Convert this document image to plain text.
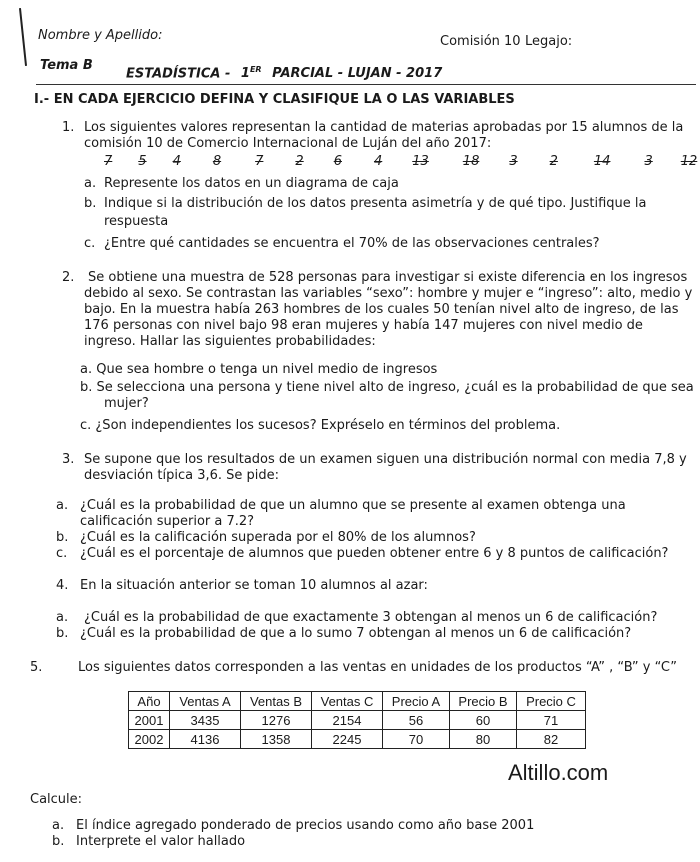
Nombre y Apellido:	Comisión 10 Legajo:
Tema B
ESTADÍSTICA - 1ER PARCIAL - LUJAN - 2017
I.- EN CADA EJERCICIO DEFINA Y CLASIFIQUE LA O LAS VARIABLES
1. Los siguientes valores representan la cantidad de materias aprobadas por 15 alumnos de la
comisión 10 de Comercio Internacional de Luján del año 2017:
7 5 4 8	7 2 6 4 13	18 3 2	14	3 12
a. Represente los datos en un diagrama de caja
b. Indique si la distribución de los datos presenta asimetría y de qué tipo. Justifique la
respuesta
c. ¿Entre qué cantidades se encuentra el 70% de las observaciones centrales?
2. Se obtiene una muestra de 528 personas para investigar si existe diferencia en los ingresos
debido al sexo. Se contrastan las variables “sexo”: hombre y mujer e “ingreso”: alto, medio y
bajo. En la muestra había 263 hombres de los cuales 50 tenían nivel alto de ingreso, de las
176 personas con nivel bajo 98 eran mujeres y había 147 mujeres con nivel medio de
ingreso. Hallar las siguientes probabilidades:
a. Que sea hombre o tenga un nivel medio de ingresos
b. Se selecciona una persona y tiene nivel alto de ingreso, ¿cuál es la probabilidad de que sea
mujer?
c. ¿Son independientes los sucesos? Expréselo en términos del problema.
3. Se supone que los resultados de un examen siguen una distribución normal con media 7,8 y
desviación típica 3,6. Se pide:
a. ¿Cuál es la probabilidad de que un alumno que se presente al examen obtenga una
calificación superior a 7.2?
b. ¿Cuál es la calificación superada por el 80% de los alumnos?
c. ¿Cuál es el porcentaje de alumnos que pueden obtener entre 6 y 8 puntos de calificación?
4. En la situación anterior se toman 10 alumnos al azar:
a. ¿Cuál es la probabilidad de que exactamente 3 obtengan al menos un 6 de calificación?
b. ¿Cuál es la probabilidad de que a lo sumo 7 obtengan al menos un 6 de calificación?
5.	Los siguientes datos corresponden a las ventas en unidades de los productos “A” , “B” y “C”
Año	Ventas A	Ventas B	Ventas C	Precio A	Precio B	Precio C
2001	3435	1276	2154	56	60	71
2002	4136	1358	2245	70	80	82
Altillo.com
Calcule:
a. El índice agregado ponderado de precios usando como año base 2001
b. Interprete el valor hallado
